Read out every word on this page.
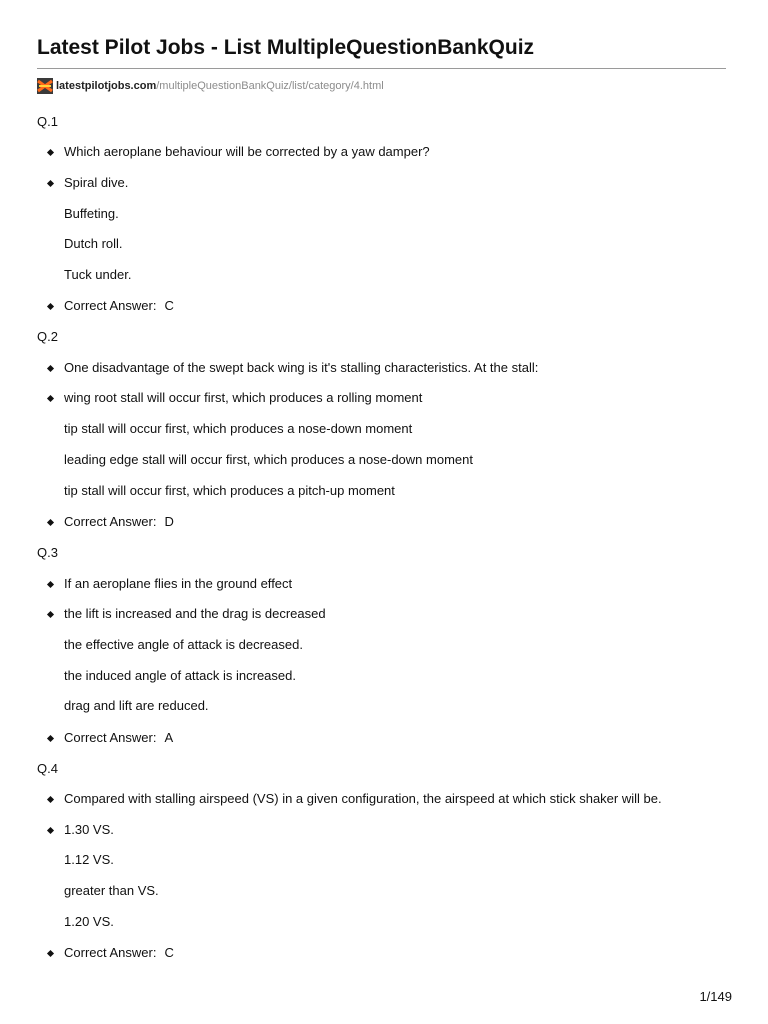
Latest Pilot Jobs - List MultipleQuestionBankQuiz
latestpilotjobs.com /multipleQuestionBankQuiz/list/category/4.html
Q.1
Which aeroplane behaviour will be corrected by a yaw damper?
Spiral dive.
Buffeting.
Dutch roll.
Tuck under.
Correct Answer: C
Q.2
One disadvantage of the swept back wing is it's stalling characteristics. At the stall:
wing root stall will occur first, which produces a rolling moment
tip stall will occur first, which produces a nose-down moment
leading edge stall will occur first, which produces a nose-down moment
tip stall will occur first, which produces a pitch-up moment
Correct Answer: D
Q.3
If an aeroplane flies in the ground effect
the lift is increased and the drag is decreased
the effective angle of attack is decreased.
the induced angle of attack is increased.
drag and lift are reduced.
Correct Answer: A
Q.4
Compared with stalling airspeed (VS) in a given configuration, the airspeed at which stick shaker will be.
1.30 VS.
1.12 VS.
greater than VS.
1.20 VS.
Correct Answer: C
1/149
